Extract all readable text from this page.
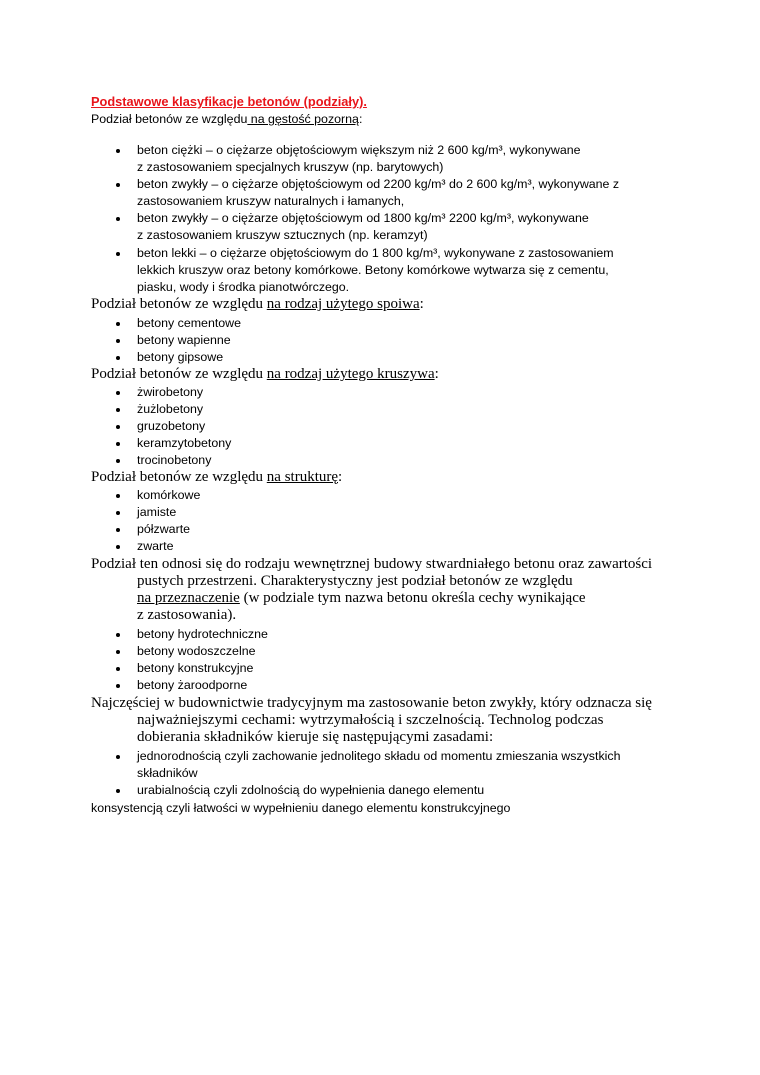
Podstawowe klasyfikacje betonów (podziały).
Podział betonów ze względu na gęstość pozorną:
beton ciężki – o ciężarze objętościowym większym niż 2 600 kg/m³, wykonywane
z zastosowaniem specjalnych kruszyw (np. barytowych)
beton zwykły – o ciężarze objętościowym od 2200 kg/m³ do 2 600 kg/m³, wykonywane z
zastosowaniem kruszyw naturalnych i łamanych,
beton zwykły – o ciężarze objętościowym od 1800 kg/m³ 2200 kg/m³, wykonywane
z zastosowaniem kruszyw sztucznych (np. keramzyt)
beton lekki – o ciężarze objętościowym do 1 800 kg/m³, wykonywane z zastosowaniem
lekkich kruszyw oraz betony komórkowe. Betony komórkowe wytwarza się z cementu,
piasku, wody i środka pianotwórczego.
Podział betonów ze względu na rodzaj użytego spoiwa:
betony cementowe
betony wapienne
betony gipsowe
Podział betonów ze względu na rodzaj użytego kruszywa:
żwirobetony
żużlobetony
gruzobetony
keramzytobetony
trocinobetony
Podział betonów ze względu na strukturę:
komórkowe
jamiste
półzwarte
zwarte
Podział ten odnosi się do rodzaju wewnętrznej budowy stwardniałego betonu oraz zawartości
pustych przestrzeni. Charakterystyczny jest podział betonów ze względu
na przeznaczenie (w podziale tym nazwa betonu określa cechy wynikające
z zastosowania).
betony hydrotechniczne
betony wodoszczelne
betony konstrukcyjne
betony żaroodporne
Najczęściej w budownictwie tradycyjnym ma zastosowanie beton zwykły, który odznacza się
najważniejszymi cechami: wytrzymałością i szczelnością. Technolog podczas
dobierania składników kieruje się następującymi zasadami:
jednorodnością czyli zachowanie jednolitego składu od momentu zmieszania wszystkich
składników
urabialnością czyli zdolnością do wypełnienia danego elementu
konsystencją czyli łatwości w wypełnieniu danego elementu konstrukcyjnego
